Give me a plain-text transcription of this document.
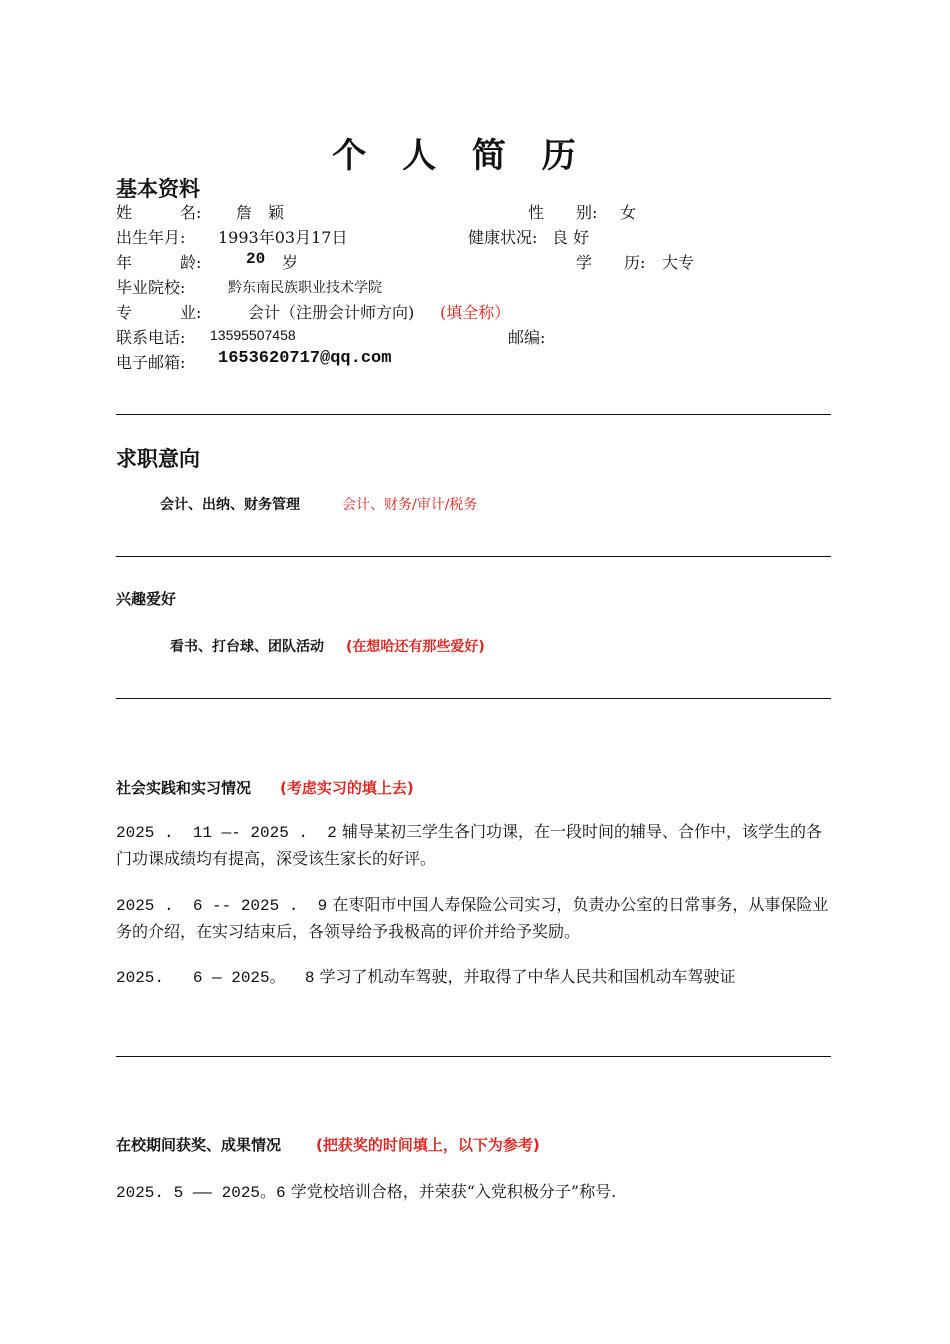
个 人 简 历
基本资料
姓　　　名: 詹　颖	性　　别: 女
出生年月: 1993年03月17日	健康状况: 良 好
年　　　龄:	20 岁	学　　历: 大专
毕业院校:	黔东南民族职业技术学院
专　　　业:	会计（注册会计师方向) (填全称）
联系电话: 13595507458	邮编:
电子邮箱: 1653620717@qq.com
求职意向
会计、出纳、财务管理	会计、财务/审计/税务
兴趣爱好
看书、打台球、团队活动 (在想哈还有那些爱好)
社会实践和实习情况 (考虑实习的填上去)
2025 .  11 —- 2025 .  2 辅导某初三学生各门功课，在一段时间的辅导、合作中，该学生的各门功课成绩均有提高，深受该生家长的好评。
2025 .  6 -- 2025 .  9 在枣阳市中国人寿保险公司实习，负责办公室的日常事务，从事保险业务的介绍，在实习结束后，各领导给予我极高的评价并给予奖励。
2025.   6 — 2025。  8 学习了机动车驾驶，并取得了中华人民共和国机动车驾驶证
在校期间获奖、成果情况 (把获奖的时间填上，以下为参考)
2025. 5 —— 2025。6 学党校培训合格，并荣获“入党积极分子”称号.
